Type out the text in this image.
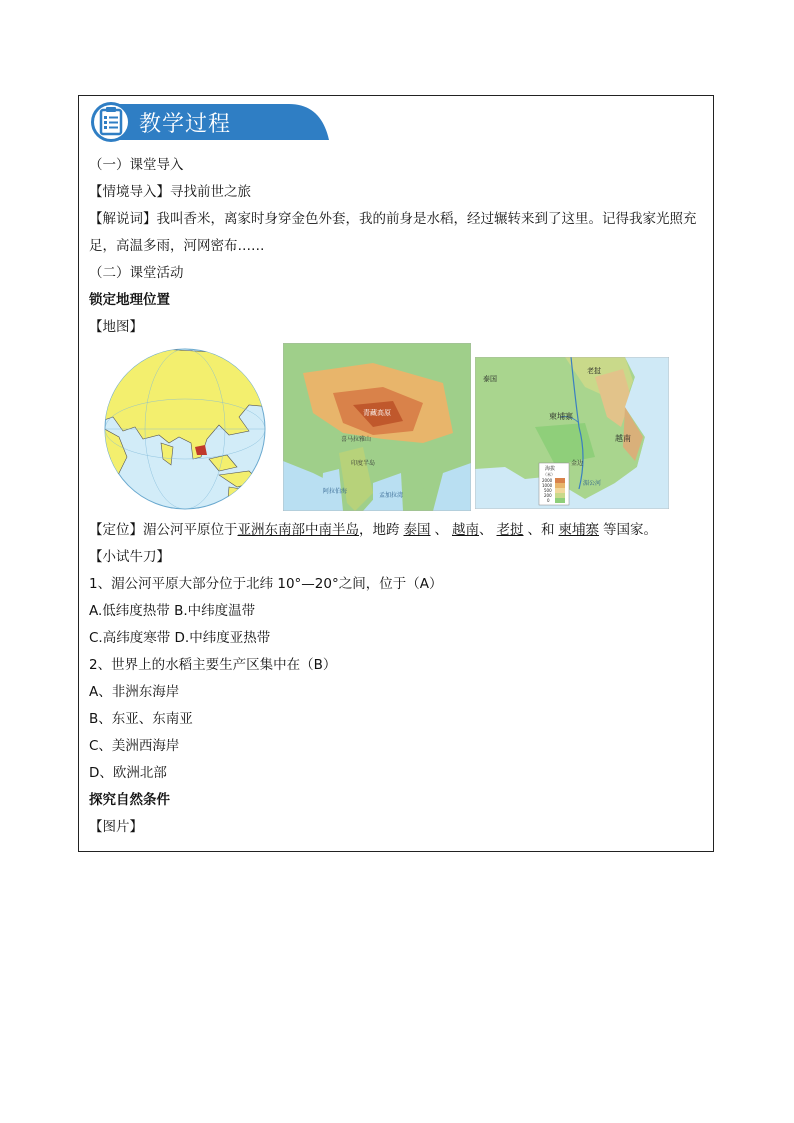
教学过程
（一）课堂导入
【情境导入】寻找前世之旅
【解说词】我叫香米，离家时身穿金色外套，我的前身是水稻，经过辗转来到了这里。记得我家光照充足，高温多雨，河网密布……
（二）课堂活动
锁定地理位置
【地图】
印度半岛
阿拉伯海
孟加拉湾
青藏高原
喜马拉雅山
泰国
老挝
柬埔寨
越南
金边
湄公河
海拔
（米）
2000
1000
500
200
0
【定位】湄公河平原位于亚洲东南部中南半岛，地跨 泰国 、 越南、 老挝 、和 柬埔寨 等国家。
【小试牛刀】
1、湄公河平原大部分位于北纬 10°—20°之间，位于（A）
A.低纬度热带 B.中纬度温带
C.高纬度寒带 D.中纬度亚热带
2、世界上的水稻主要生产区集中在（B）
A、非洲东海岸
B、东亚、东南亚
C、美洲西海岸
D、欧洲北部
探究自然条件
【图片】
